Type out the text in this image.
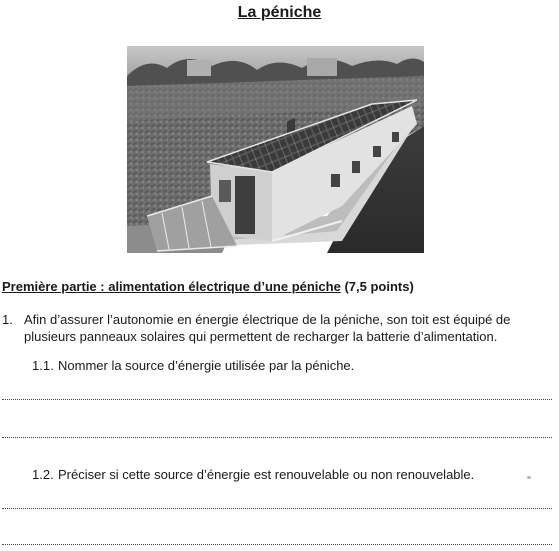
La péniche
Première partie : alimentation électrique d’une péniche (7,5 points)
1. Afin d’assurer l’autonomie en énergie électrique de la péniche, son toit est équipé de plusieurs panneaux solaires qui permettent de recharger la batterie d’alimentation.
1.1. Nommer la source d’énergie utilisée par la péniche.
1.2. Préciser si cette source d’énergie est renouvelable ou non renouvelable.
